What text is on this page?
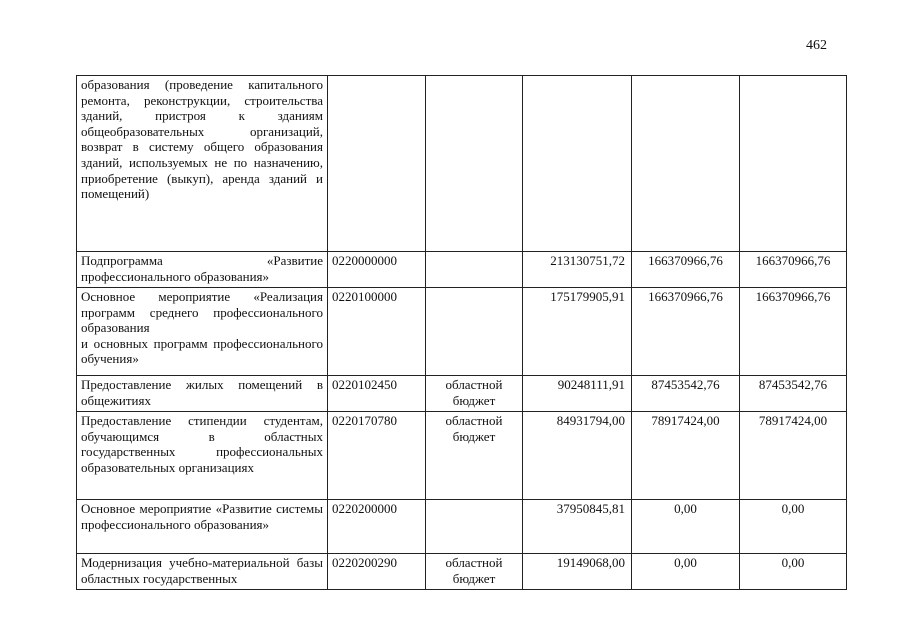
462
образования (проведение капитального ремонта, реконструкции, строительства зданий, пристроя к зданиям общеобразовательных организаций, возврат в систему общего образования зданий, используемых не по назначению, приобретение (выкуп), аренда зданий и помещений)					

Подпрограмма «Развитие профессионального образования»	0220000000		213130751,72	166370966,76	166370966,76

Основное мероприятие «Реализация программ среднего профессионального образования
и основных программ профессионального обучения»	0220100000		175179905,91	166370966,76	166370966,76

Предоставление жилых помещений в общежитиях	0220102450	областной бюджет	90248111,91	87453542,76	87453542,76

Предоставление стипендии студентам, обучающимся в областных государственных профессиональных образовательных организациях	0220170780	областной бюджет	84931794,00	78917424,00	78917424,00

Основное мероприятие «Развитие системы профессионального образования»	0220200000		37950845,81	0,00	0,00

Модернизация учебно-материальной базы областных государственных	0220200290	областной бюджет	19149068,00	0,00	0,00
